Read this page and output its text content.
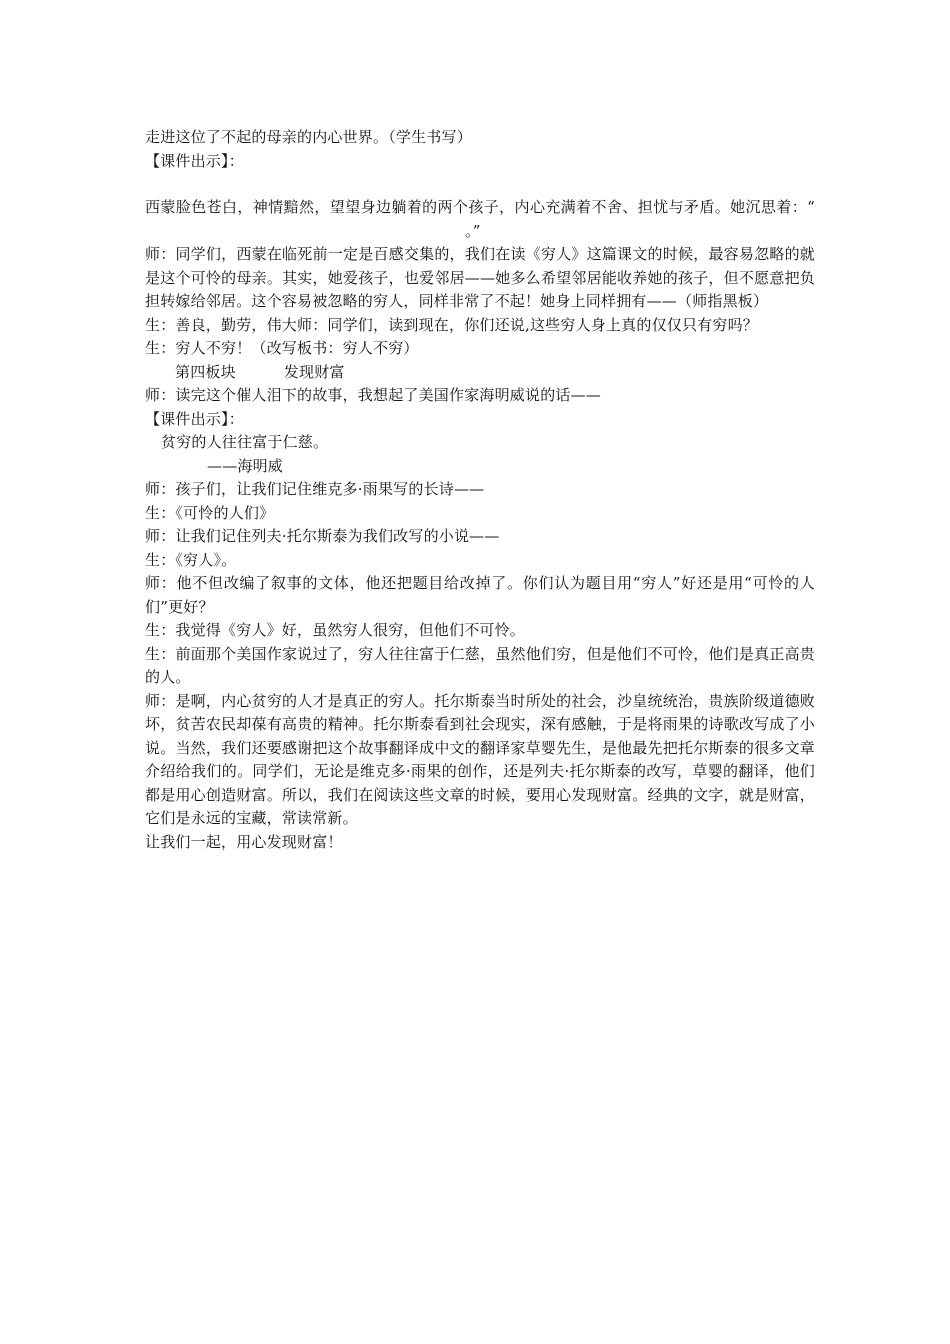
走进这位了不起的母亲的内心世界。（学生书写）

【课件出示】：

西蒙脸色苍白，神情黯然，望望身边躺着的两个孩子，内心充满着不舍、担忧与矛盾。她沉思着：“。”

师：同学们，西蒙在临死前一定是百感交集的，我们在读《穷人》这篇课文的时候，最容易忽略的就是这个可怜的母亲。其实，她爱孩子，也爱邻居——她多么希望邻居能收养她的孩子，但不愿意把负担转嫁给邻居。这个容易被忽略的穷人，同样非常了不起！她身上同样拥有——（师指黑板）

生：善良，勤劳，伟大师：同学们，读到现在，你们还说,这些穷人身上真的仅仅只有穷吗？

生：穷人不穷！（改写板书：穷人不穷）

第四板块	发现财富

师：读完这个催人泪下的故事，我想起了美国作家海明威说的话——

【课件出示】：

贫穷的人往往富于仁慈。

——海明威

师：孩子们，让我们记住维克多·雨果写的长诗——

生：《可怜的人们》

师：让我们记住列夫·托尔斯泰为我们改写的小说——

生：《穷人》。

师：他不但改编了叙事的文体，他还把题目给改掉了。你们认为题目用“穷人”好还是用“可怜的人们”更好？

生：我觉得《穷人》好，虽然穷人很穷，但他们不可怜。

生：前面那个美国作家说过了，穷人往往富于仁慈，虽然他们穷，但是他们不可怜，他们是真正高贵的人。

师：是啊，内心贫穷的人才是真正的穷人。托尔斯泰当时所处的社会，沙皇统统治，贵族阶级道德败坏，贫苦农民却葆有高贵的精神。托尔斯泰看到社会现实，深有感触，于是将雨果的诗歌改写成了小说。当然，我们还要感谢把这个故事翻译成中文的翻译家草婴先生，是他最先把托尔斯泰的很多文章介绍给我们的。同学们，无论是维克多·雨果的创作，还是列夫·托尔斯泰的改写，草婴的翻译，他们都是用心创造财富。所以，我们在阅读这些文章的时候，要用心发现财富。经典的文字，就是财富，它们是永远的宝藏，常读常新。

让我们一起，用心发现财富！
